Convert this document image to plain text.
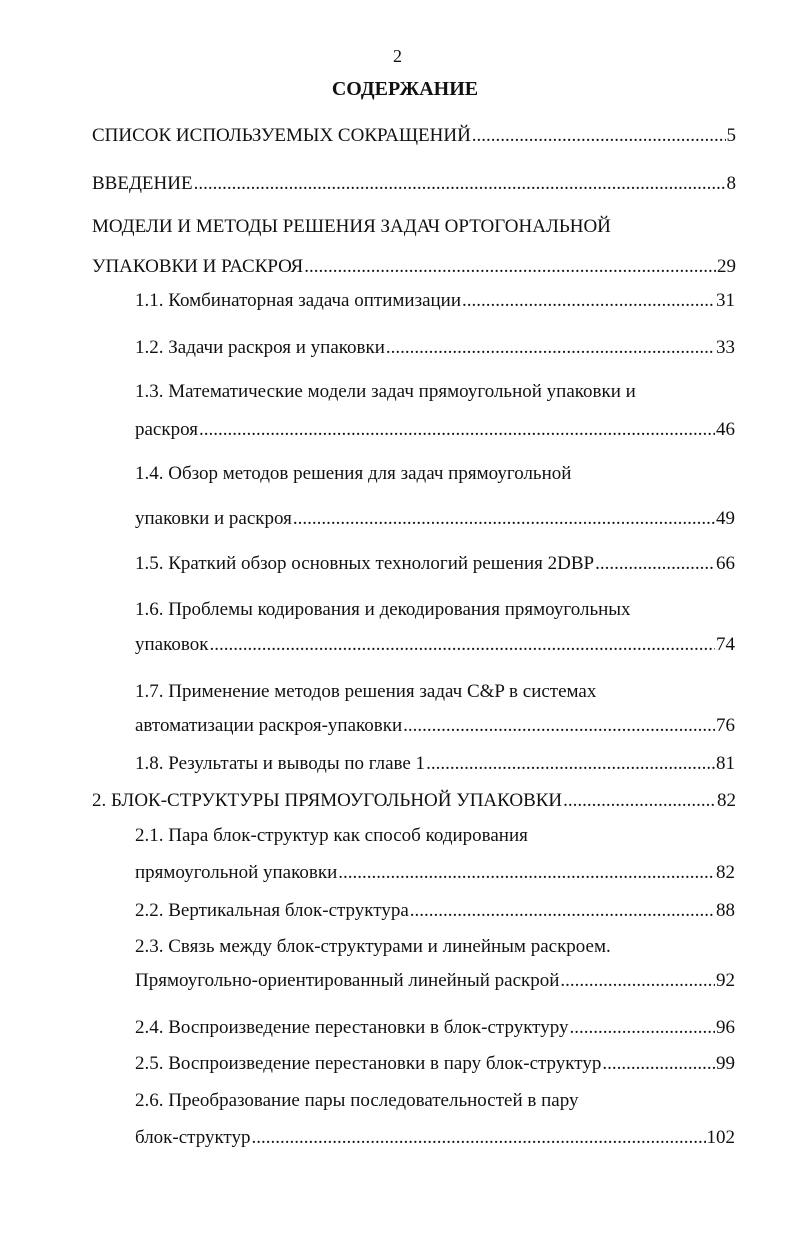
2
СОДЕРЖАНИЕ
СПИСОК ИСПОЛЬЗУЕМЫХ СОКРАЩЕНИЙ .....	5
ВВЕДЕНИЕ .....	8
МОДЕЛИ И МЕТОДЫ РЕШЕНИЯ ЗАДАЧ ОРТОГОНАЛЬНОЙ
УПАКОВКИ И РАСКРОЯ .....	29
1.1. Комбинаторная задача оптимизации .....	31
1.2. Задачи раскроя и упаковки .....	33
1.3. Математические модели задач прямоугольной упаковки и
раскроя .....	46
1.4. Обзор методов решения для задач прямоугольной
упаковки и раскроя .....	49
1.5. Краткий обзор основных технологий решения 2DBP .....	66
1.6. Проблемы кодирования и декодирования прямоугольных
упаковок .....	74
1.7. Применение методов решения задач C&P в системах
автоматизации раскроя-упаковки .....	76
1.8. Результаты и выводы по главе 1 .....	81
2. БЛОК-СТРУКТУРЫ ПРЯМОУГОЛЬНОЙ УПАКОВКИ .....	82
2.1. Пара блок-структур как способ кодирования
прямоугольной упаковки .....	82
2.2. Вертикальная блок-структура .....	88
2.3. Связь между блок-структурами и линейным раскроем.
Прямоугольно-ориентированный линейный раскрой .....	92
2.4. Воспроизведение перестановки в блок-структуру .....	96
2.5. Воспроизведение перестановки в пару блок-структур .....	99
2.6. Преобразование пары последовательностей в пару
блок-структур .....	102
